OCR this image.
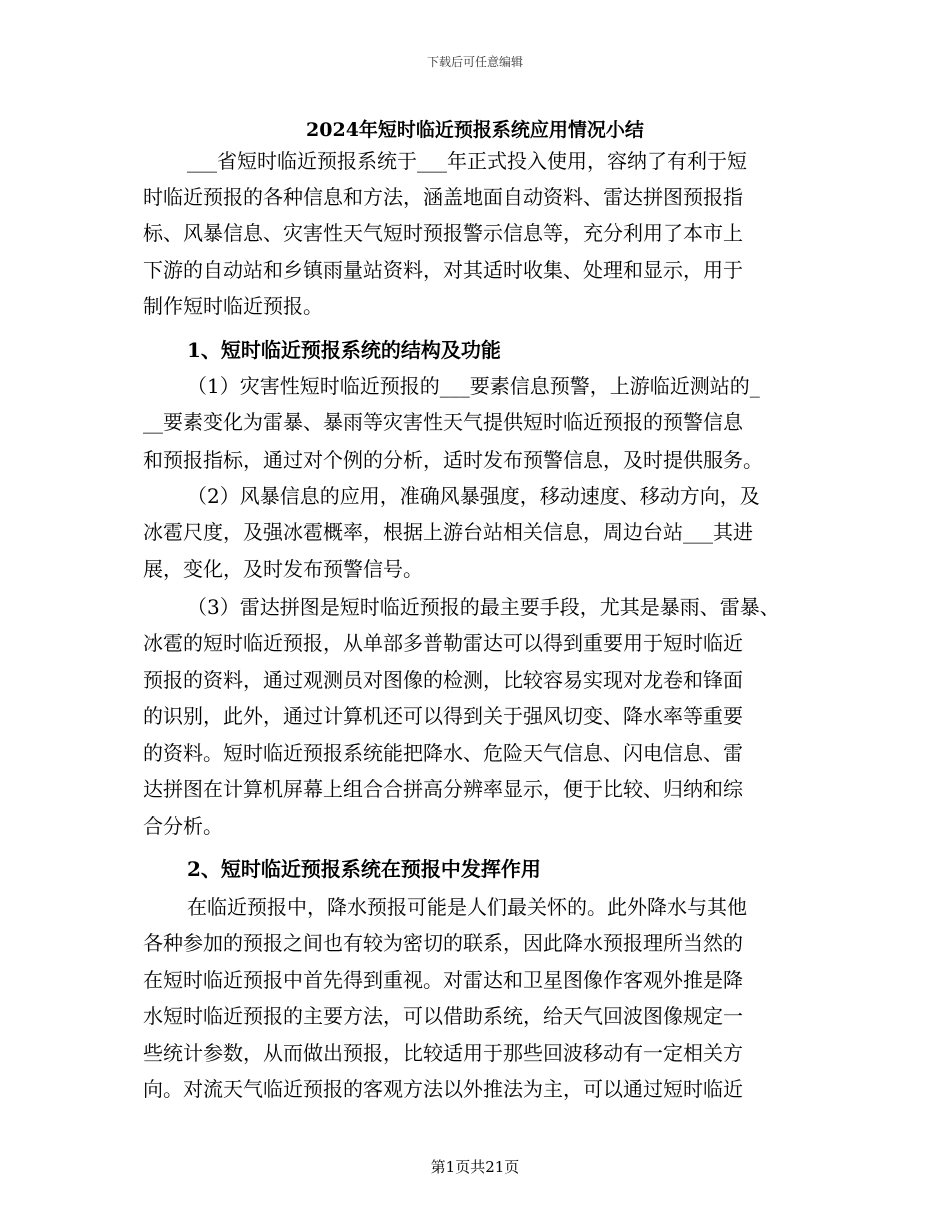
下载后可任意编辑
2024年短时临近预报系统应用情况小结
___省短时临近预报系统于___年正式投入使用，容纳了有利于短
时临近预报的各种信息和方法，涵盖地面自动资料、雷达拼图预报指
标、风暴信息、灾害性天气短时预报警示信息等，充分利用了本市上
下游的自动站和乡镇雨量站资料，对其适时收集、处理和显示，用于
制作短时临近预报。
1、短时临近预报系统的结构及功能
（1）灾害性短时临近预报的___要素信息预警，上游临近测站的_
__要素变化为雷暴、暴雨等灾害性天气提供短时临近预报的预警信息
和预报指标，通过对个例的分析，适时发布预警信息，及时提供服务。
（2）风暴信息的应用，准确风暴强度，移动速度、移动方向，及
冰雹尺度，及强冰雹概率，根据上游台站相关信息，周边台站___其进
展，变化，及时发布预警信号。
（3）雷达拼图是短时临近预报的最主要手段，尤其是暴雨、雷暴、
冰雹的短时临近预报，从单部多普勒雷达可以得到重要用于短时临近
预报的资料，通过观测员对图像的检测，比较容易实现对龙卷和锋面
的识别，此外，通过计算机还可以得到关于强风切变、降水率等重要
的资料。短时临近预报系统能把降水、危险天气信息、闪电信息、雷
达拼图在计算机屏幕上组合合拼高分辨率显示，便于比较、归纳和综
合分析。
2、短时临近预报系统在预报中发挥作用
在临近预报中，降水预报可能是人们最关怀的。此外降水与其他
各种参加的预报之间也有较为密切的联系，因此降水预报理所当然的
在短时临近预报中首先得到重视。对雷达和卫星图像作客观外推是降
水短时临近预报的主要方法，可以借助系统，给天气回波图像规定一
些统计参数，从而做出预报，比较适用于那些回波移动有一定相关方
向。对流天气临近预报的客观方法以外推法为主，可以通过短时临近
第1页共21页
